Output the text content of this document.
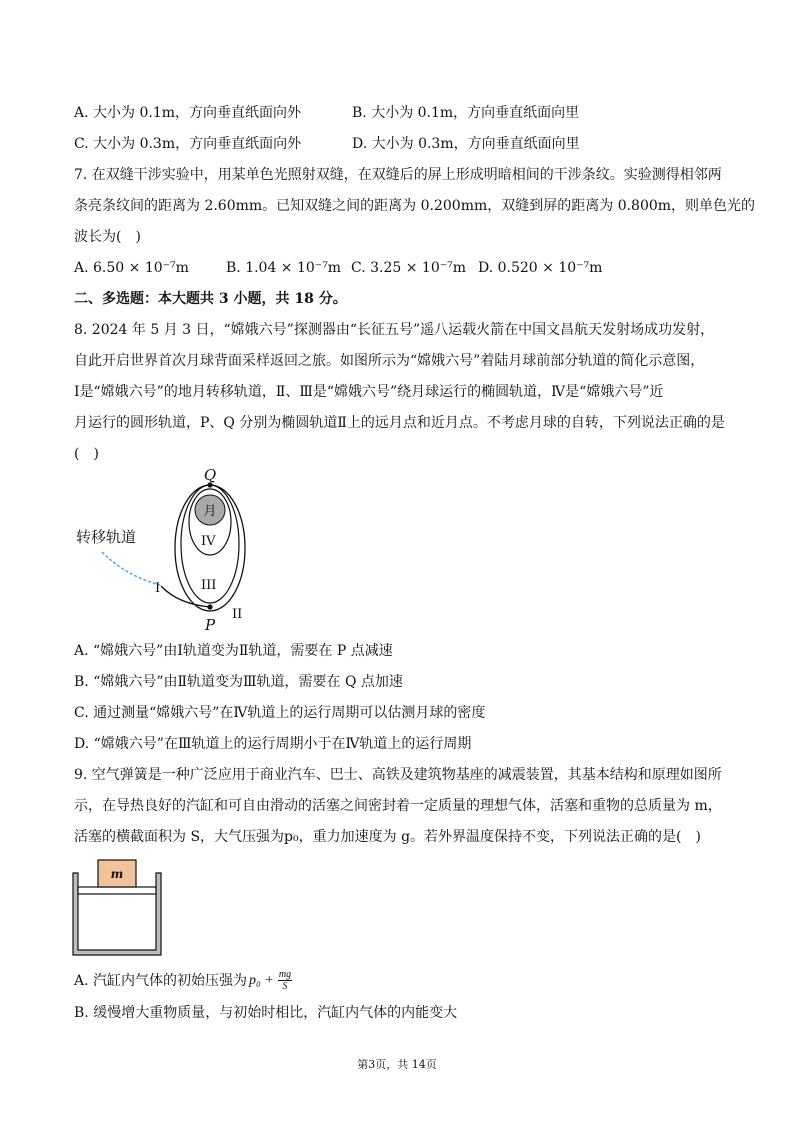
A. 大小为 0.1m，方向垂直纸面向外	B. 大小为 0.1m，方向垂直纸面向里
C. 大小为 0.3m，方向垂直纸面向外	D. 大小为 0.3m，方向垂直纸面向里
7. 在双缝干涉实验中，用某单色光照射双缝，在双缝后的屏上形成明暗相间的干涉条纹。实验测得相邻两
条亮条纹间的距离为 2.60mm。已知双缝之间的距离为 0.200mm，双缝到屏的距离为 0.800m，则单色光的
波长为(　)
A. 6.50 × 10⁻⁷m	B. 1.04 × 10⁻⁷m C. 3.25 × 10⁻⁷m D. 0.520 × 10⁻⁷m
二、多选题：本大题共 3 小题，共 18 分。
8. 2024 年 5 月 3 日，“嫦娥六号”探测器由“长征五号”遥八运载火箭在中国文昌航天发射场成功发射，
自此开启世界首次月球背面采样返回之旅。如图所示为“嫦娥六号”着陆月球前部分轨道的简化示意图，
Ⅰ是“嫦娥六号”的地月转移轨道，Ⅱ、Ⅲ是“嫦娥六号”绕月球运行的椭圆轨道，Ⅳ是“嫦娥六号”近
月运行的圆形轨道，P、Q 分别为椭圆轨道Ⅱ上的远月点和近月点。不考虑月球的自转，下列说法正确的是
(　)
月
Q
P
转移轨道
I
II
III
IV
A. “嫦娥六号”由Ⅰ轨道变为Ⅱ轨道，需要在 P 点减速
B. “嫦娥六号”由Ⅱ轨道变为Ⅲ轨道，需要在 Q 点加速
C. 通过测量“嫦娥六号”在Ⅳ轨道上的运行周期可以估测月球的密度
D. “嫦娥六号”在Ⅲ轨道上的运行周期小于在Ⅳ轨道上的运行周期
9. 空气弹簧是一种广泛应用于商业汽车、巴士、高铁及建筑物基座的减震装置，其基本结构和原理如图所
示，在导热良好的汽缸和可自由滑动的活塞之间密封着一定质量的理想气体，活塞和重物的总质量为 m，
活塞的横截面积为 S，大气压强为p₀，重力加速度为 g。若外界温度保持不变，下列说法正确的是(　)
m
A. 汽缸内气体的初始压强为 $p_0 + \frac{mg}{S}$
B. 缓慢增大重物质量，与初始时相比，汽缸内气体的内能变大
第3页，共 14页
